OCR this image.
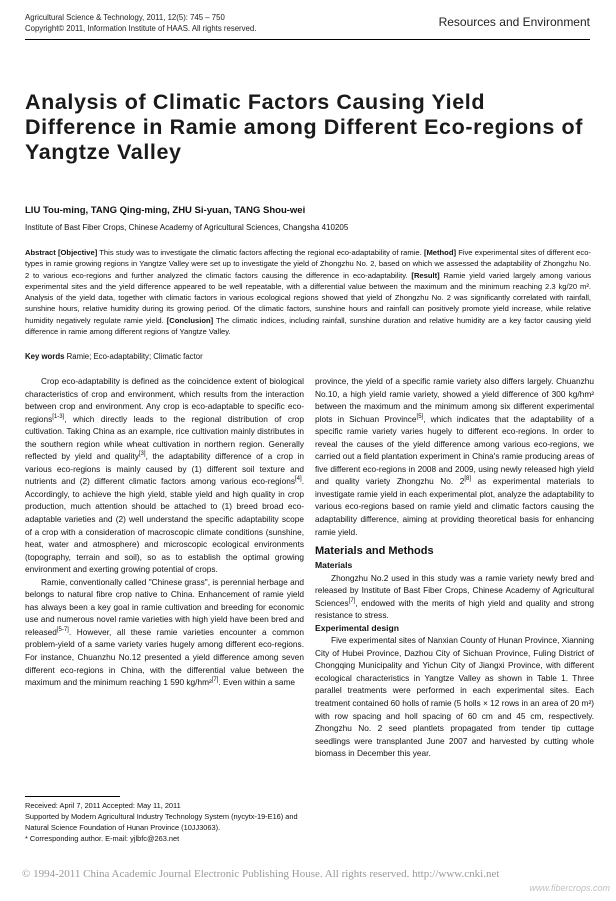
Agricultural Science & Technology, 2011, 12(5): 745 – 750
Copyright© 2011, Information Institute of HAAS. All rights reserved.	Resources and Environment
Analysis of Climatic Factors Causing Yield Difference in Ramie among Different Eco-regions of Yangtze Valley
LIU Tou-ming, TANG Qing-ming, ZHU Si-yuan, TANG Shou-wei
Institute of Bast Fiber Crops, Chinese Academy of Agricultural Sciences, Changsha 410205
Abstract [Objective] This study was to investigate the climatic factors affecting the regional eco-adaptability of ramie. [Method] Five experimental sites of different eco-types in ramie growing regions in Yangtze Valley were set up to investigate the yield of Zhongzhu No. 2, based on which we assessed the adaptability of Zhongzhu No. 2 to various eco-regions and further analyzed the climatic factors causing the difference in eco-adaptability. [Result] Ramie yield varied largely among various experimental sites and the yield difference appeared to be well repeatable, with a differential value between the maximum and the minimum reaching 2.3 kg/20 m². Analysis of the yield data, together with climatic factors in various ecological regions showed that yield of Zhongzhu No. 2 was significantly correlated with rainfall, sunshine hours, relative humidity during its growing period. Of the climatic factors, sunshine hours and rainfall can positively promote yield increase, while relative humidity negatively regulate ramie yield. [Conclusion] The climatic indices, including rainfall, sunshine duration and relative humidity are a key factor causing yield difference in ramie among different regions of Yangtze Valley.
Key words Ramie; Eco-adaptability; Climatic factor

Crop eco-adaptability is defined as the coincidence extent of biological characteristics of crop and environment, which results from the interaction between crop and environment. Any crop is eco-adaptable to specific eco-regions[1-3], which directly leads to the regional distribution of crop cultivation. Taking China as an example, rice cultivation mainly distributes in the southern region while wheat cultivation in northern region. Generally reflected by yield and quality[3], the adaptability difference of a crop in various eco-regions is mainly caused by (1) different soil texture and nutrients and (2) different climatic factors among various eco-regions[4]. Accordingly, to achieve the high yield, stable yield and high quality in crop production, much attention should be attached to (1) breed broad eco-adaptable varieties and (2) well understand the specific adaptability scope of a crop with a consideration of macroscopic climate conditions (sunshine, heat, water and atmosphere) and microscopic ecological environments (topography, terrain and soil), so as to establish the optimal growing environment and exerting growing potential of crops.

Ramie, conventionally called "Chinese grass", is perennial herbage and belongs to natural fibre crop native to China. Enhancement of ramie yield has always been a key goal in ramie cultivation and breeding for economic use and numerous novel ramie varieties with high yield have been bred and released[5-7]. However, all these ramie varieties encounter a common problem-yield of a same variety varies hugely among different eco-regions. For instance, Chuanzhu No.12 presented a yield difference among seven different eco-regions in China, with the differential value between the maximum and the minimum reaching 1 590 kg/hm²[7]. Even within a same

province, the yield of a specific ramie variety also differs largely. Chuanzhu No.10, a high yield ramie variety, showed a yield difference of 300 kg/hm² between the maximum and the minimum among six different experimental plots in Sichuan Province[5], which indicates that the adaptability of a specific ramie variety varies hugely to different eco-regions. In order to reveal the causes of the yield difference among various eco-regions, we carried out a field plantation experiment in China's ramie producing areas of five different eco-regions in 2008 and 2009, using newly released high yield and quality variety Zhongzhu No. 2[8] as experimental materials to investigate ramie yield in each experimental plot, analyze the adaptability to various eco-regions based on ramie yield and climatic factors causing the adaptability difference, aiming at providing theoretical basis for enhancing ramie yield.

Materials and Methods

Materials

Zhongzhu No.2 used in this study was a ramie variety newly bred and released by Institute of Bast Fiber Crops, Chinese Academy of Agricultural Sciences[7], endowed with the merits of high yield and quality and strong resistance to stress.

Experimental design

Five experimental sites of Nanxian County of Hunan Province, Xianning City of Hubei Province, Dazhou City of Sichuan Province, Fuling District of Chongqing Municipality and Yichun City of Jiangxi Province, with different ecological characteristics in Yangtze Valley as shown in Table 1. Three parallel treatments were performed in each experimental sites. Each treatment contained 60 holls of ramie (5 holls × 12 rows in an area of 20 m²) with row spacing and holl spacing of 60 cm and 45 cm, respectively. Zhongzhu No. 2 seed plantlets propagated from tender tip cuttage seedlings were transplanted June 2007 and harvested by cutting whole biomass in December this year.

Received: April 7, 2011 Accepted: May 11, 2011

Supported by Modern Agricultural Industry Technology System (nycytx-19-E16) and Natural Science Foundation of Hunan Province (10JJ3063).

* Corresponding author. E-mail: yjlbfc@263.net

© 1994-2011 China Academic Journal Electronic Publishing House. All rights reserved. http://www.cnki.net
www.fibercrops.com
